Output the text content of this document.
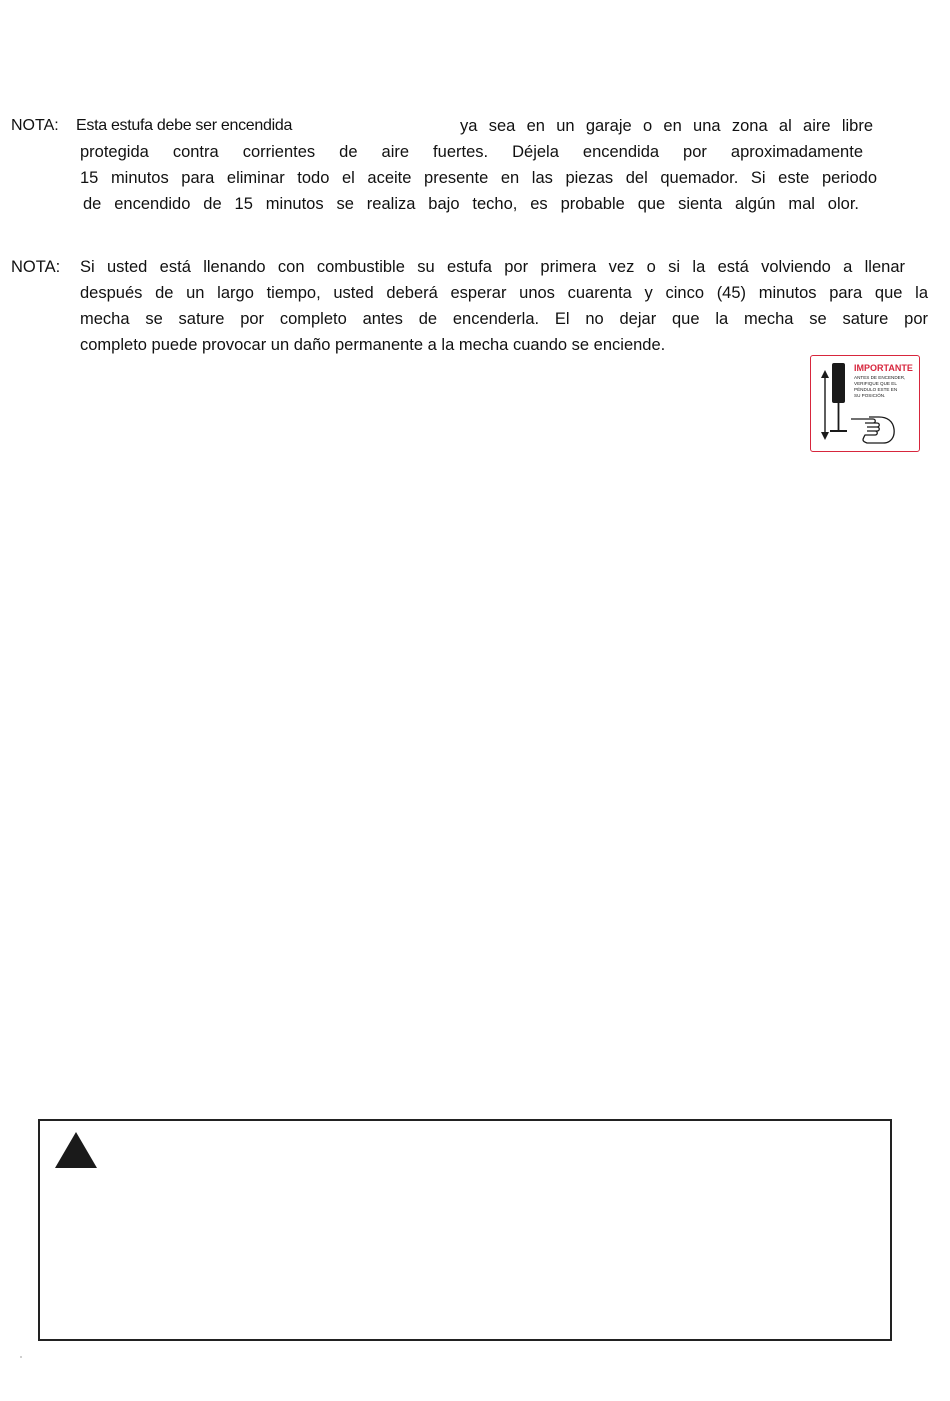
NOTA: Esta estufa debe ser encendida	ya sea en un garaje o en una zona al aire libre
protegida contra corrientes de aire fuertes. Déjela encendida por aproximadamente
15 minutos para eliminar todo el aceite presente en las piezas del quemador. Si este periodo
de encendido de 15 minutos se realiza bajo techo, es probable que sienta algún mal olor.
NOTA: Si usted está llenando con combustible su estufa por primera vez o si la está volviendo a llenar
después de un largo tiempo, usted deberá esperar unos cuarenta y cinco (45) minutos para que la
mecha se sature por completo antes de encenderla. El no dejar que la mecha se sature por
completo puede provocar un daño permanente a la mecha cuando se enciende.
IMPORTANTE
ANTES DE ENCENDER,
VERIFIQUE QUE EL
PÉNDULO ESTE EN
SU POSICIÓN.
